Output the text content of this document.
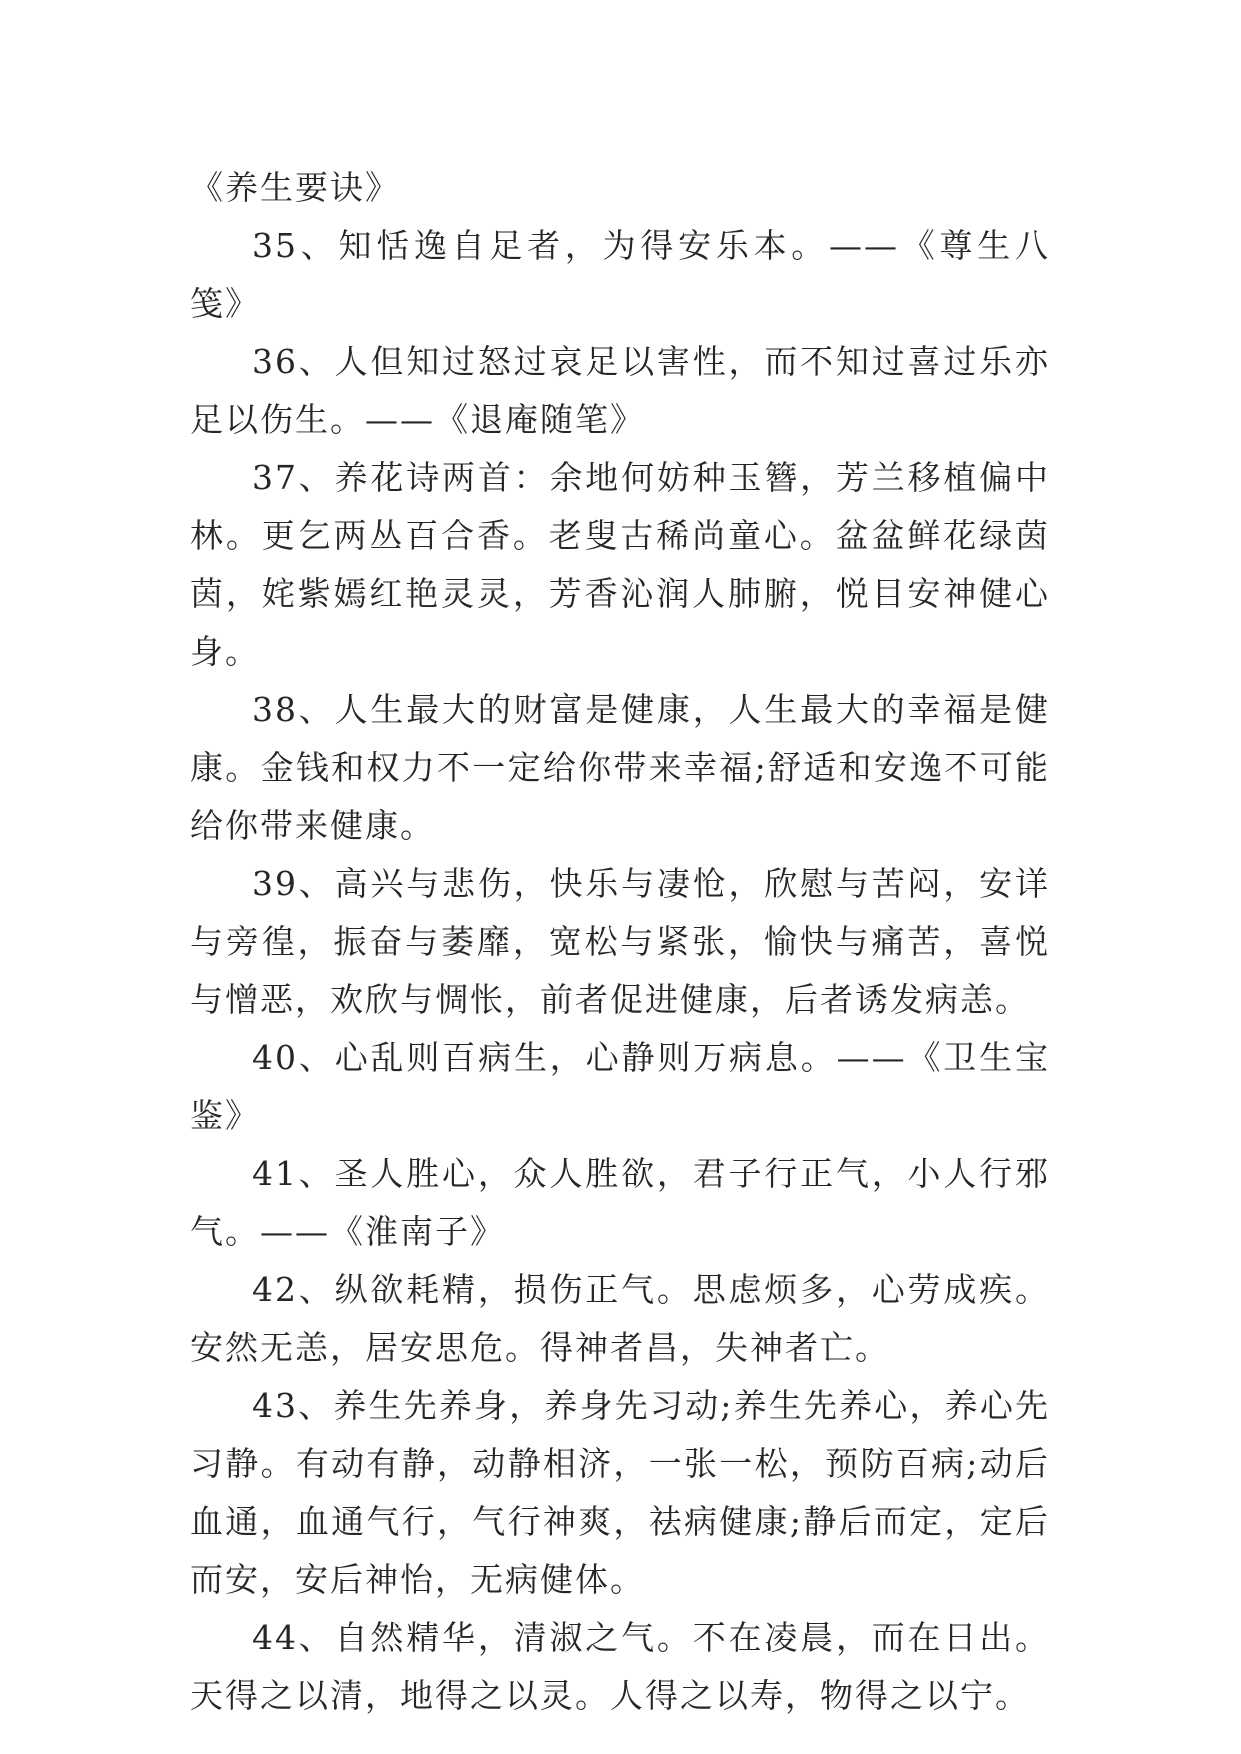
《养生要诀》

35、知恬逸自足者，为得安乐本。——《尊生八笺》

36、人但知过怒过哀足以害性，而不知过喜过乐亦足以伤生。——《退庵随笔》

37、养花诗两首：余地何妨种玉簪，芳兰移植偏中林。更乞两丛百合香。老叟古稀尚童心。盆盆鲜花绿茵茵，姹紫嫣红艳灵灵，芳香沁润人肺腑，悦目安神健心身。

38、人生最大的财富是健康，人生最大的幸福是健康。金钱和权力不一定给你带来幸福;舒适和安逸不可能给你带来健康。

39、高兴与悲伤，快乐与凄怆，欣慰与苦闷，安详与旁徨，振奋与萎靡，宽松与紧张，愉快与痛苦，喜悦与憎恶，欢欣与惆怅，前者促进健康，后者诱发病恙。

40、心乱则百病生，心静则万病息。——《卫生宝鉴》

41、圣人胜心，众人胜欲，君子行正气，小人行邪气。——《淮南子》

42、纵欲耗精，损伤正气。思虑烦多，心劳成疾。安然无恙，居安思危。得神者昌，失神者亡。

43、养生先养身，养身先习动;养生先养心，养心先习静。有动有静，动静相济，一张一松，预防百病;动后血通，血通气行，气行神爽，祛病健康;静后而定，定后而安，安后神怡，无病健体。

44、自然精华，清淑之气。不在凌晨，而在日出。天得之以清，地得之以灵。人得之以寿，物得之以宁。
